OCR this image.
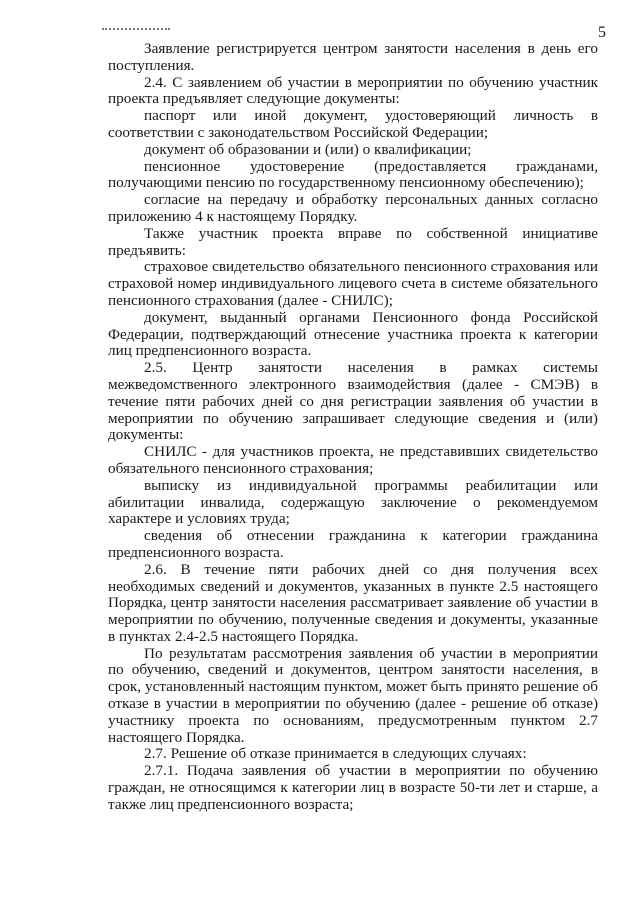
5

Заявление регистрируется центром занятости населения в день его поступления.

2.4. С заявлением об участии в мероприятии по обучению участник проекта предъявляет следующие документы:

паспорт или иной документ, удостоверяющий личность в соответствии с законодательством Российской Федерации;

документ об образовании и (или) о квалификации;

пенсионное удостоверение (предоставляется гражданами, получающими пенсию по государственному пенсионному обеспечению);

согласие на передачу и обработку персональных данных согласно приложению 4 к настоящему Порядку.

Также участник проекта вправе по собственной инициативе предъявить:

страховое свидетельство обязательного пенсионного страхования или страховой номер индивидуального лицевого счета в системе обязательного пенсионного страхования (далее - СНИЛС);

документ, выданный органами Пенсионного фонда Российской Федерации, подтверждающий отнесение участника проекта к категории лиц предпенсионного возраста.

2.5. Центр занятости населения в рамках системы межведомственного электронного взаимодействия (далее - СМЭВ) в течение пяти рабочих дней со дня регистрации заявления об участии в мероприятии по обучению запрашивает следующие сведения и (или) документы:

СНИЛС - для участников проекта, не представивших свидетельство обязательного пенсионного страхования;

выписку из индивидуальной программы реабилитации или абилитации инвалида, содержащую заключение о рекомендуемом характере и условиях труда;

сведения об отнесении гражданина к категории гражданина предпенсионного возраста.

2.6. В течение пяти рабочих дней со дня получения всех необходимых сведений и документов, указанных в пункте 2.5 настоящего Порядка, центр занятости населения рассматривает заявление об участии в мероприятии по обучению, полученные сведения и документы, указанные в пунктах 2.4-2.5 настоящего Порядка.

По результатам рассмотрения заявления об участии в мероприятии по обучению, сведений и документов, центром занятости населения, в срок, установленный настоящим пунктом, может быть принято решение об отказе в участии в мероприятии по обучению (далее - решение об отказе) участнику проекта по основаниям, предусмотренным пунктом 2.7 настоящего Порядка.

2.7. Решение об отказе принимается в следующих случаях:

2.7.1. Подача заявления об участии в мероприятии по обучению граждан, не относящимся к категории лиц в возрасте 50-ти лет и старше, а также лиц предпенсионного возраста;
